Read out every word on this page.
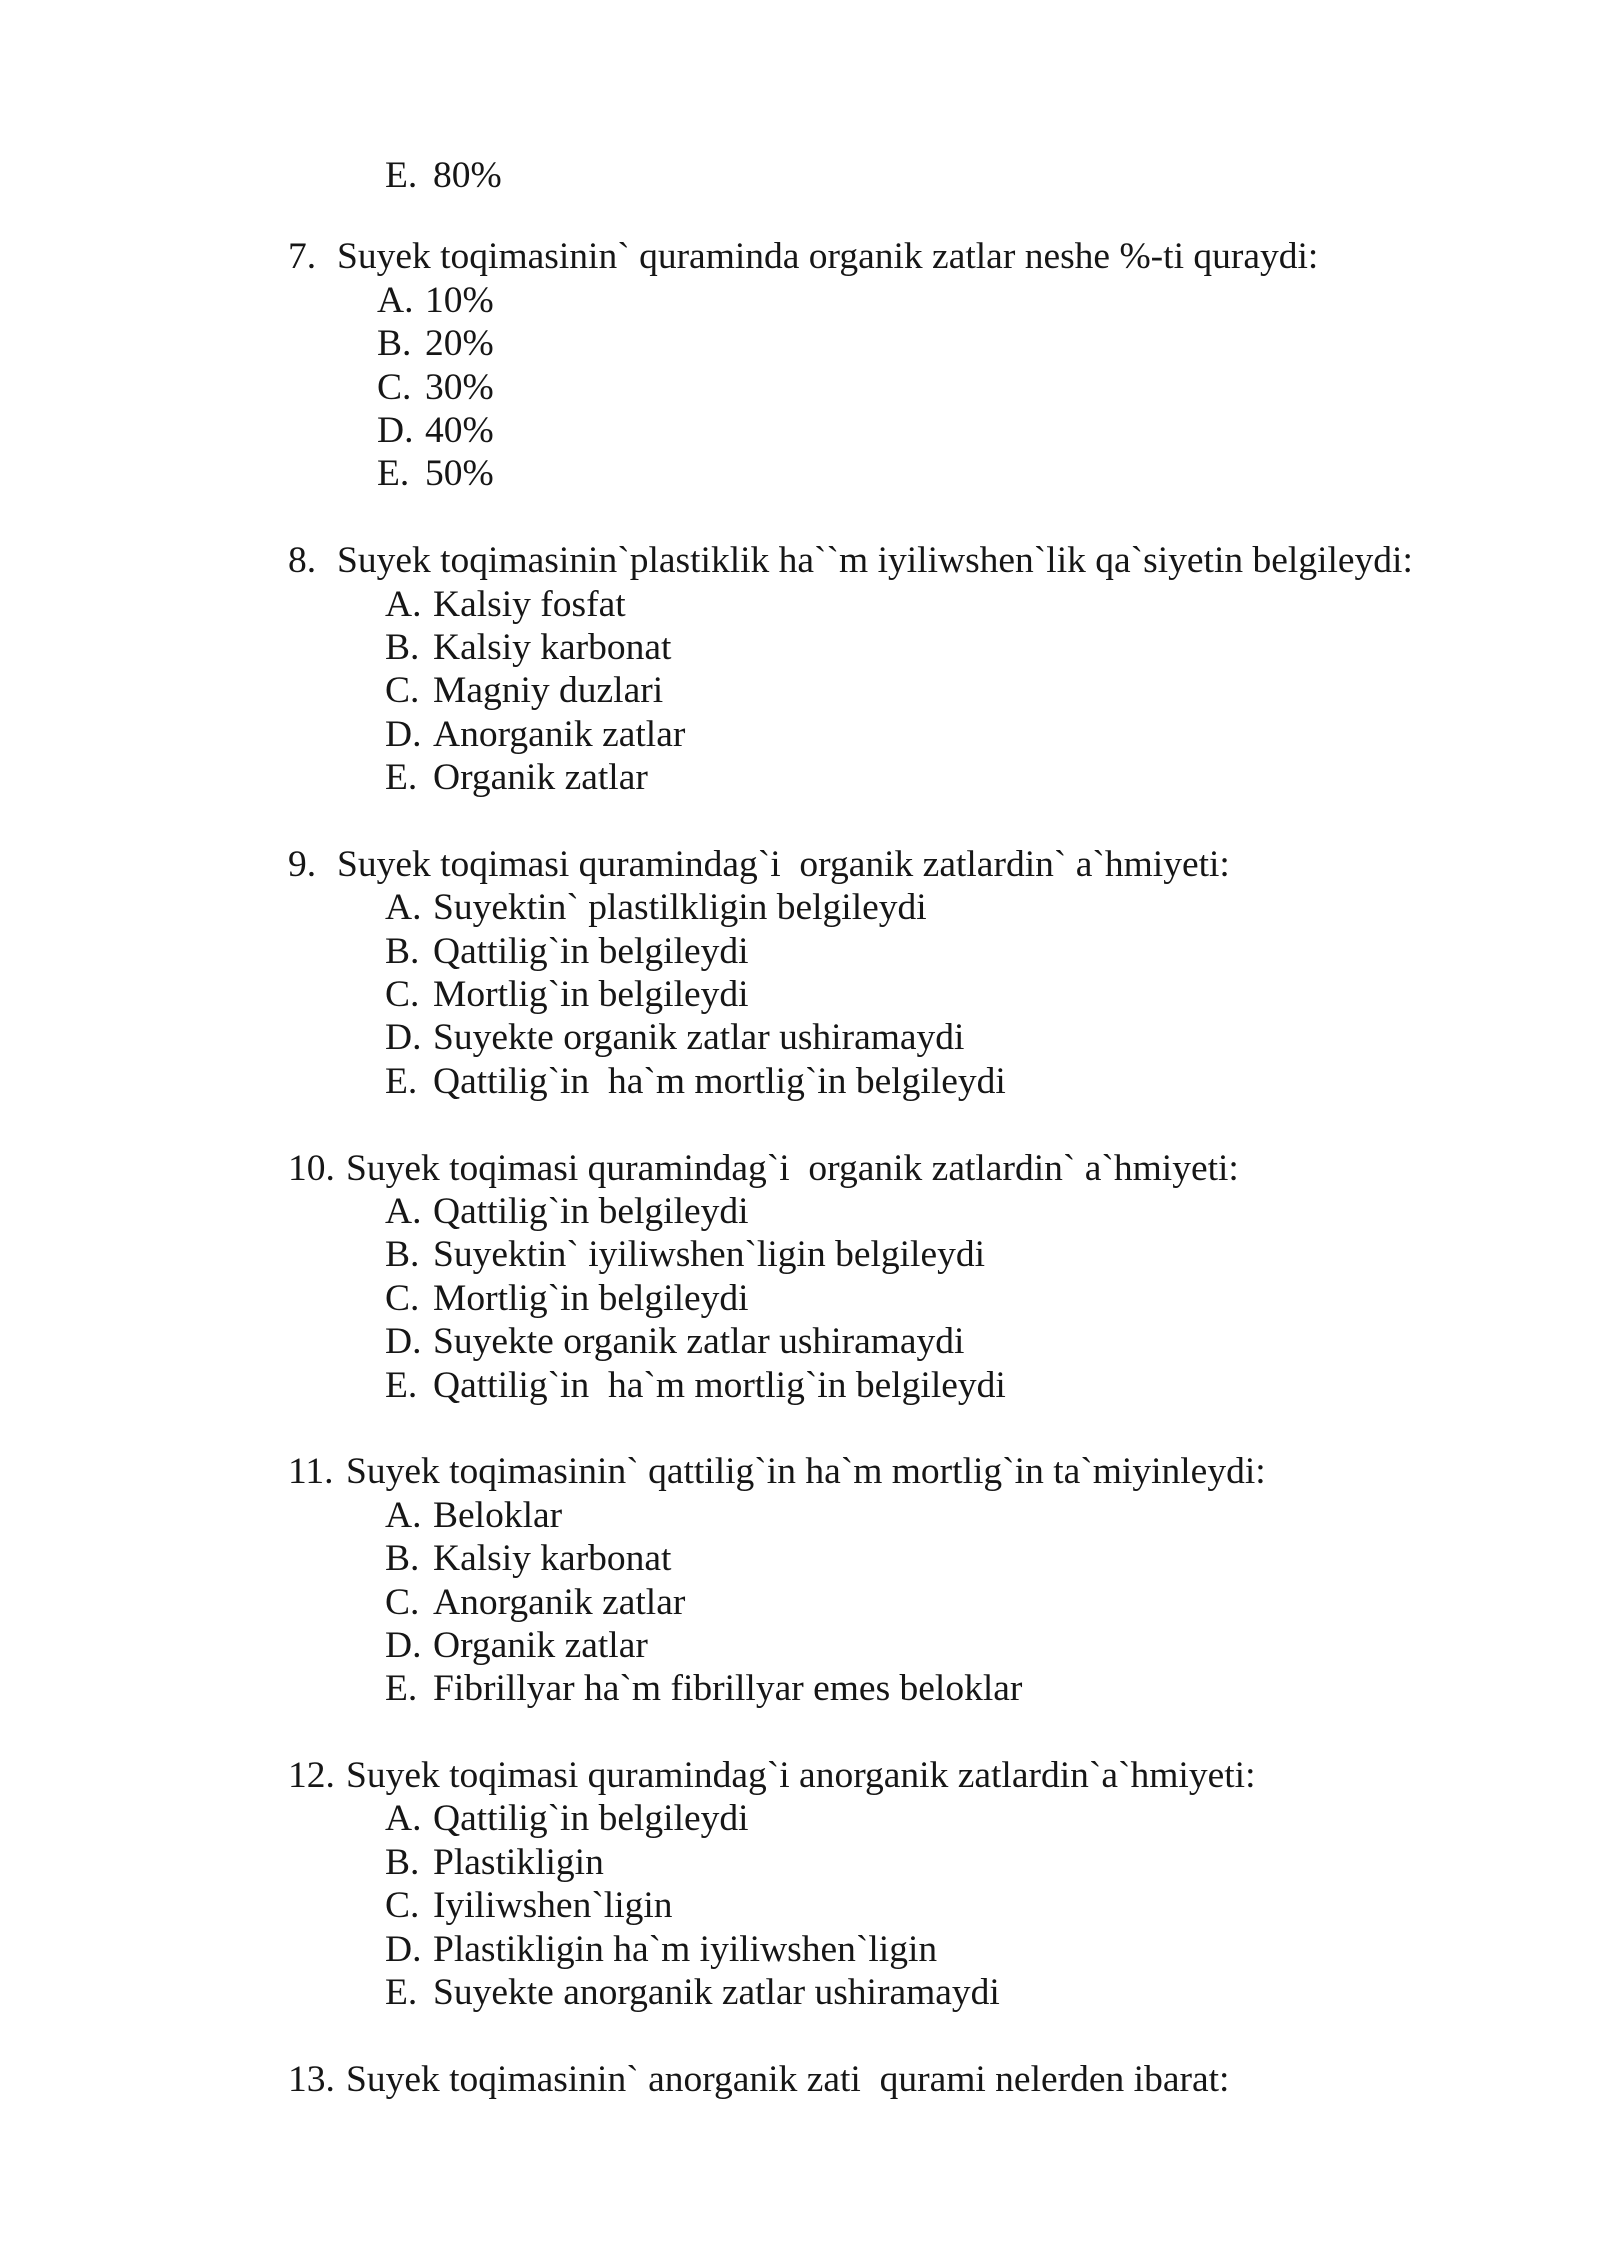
E. 80%
7. Suyek toqimasinin` quraminda organik zatlar neshe %-ti quraydi:
A. 10%
B. 20%
C. 30%
D. 40%
E. 50%
8. Suyek toqimasinin`plastiklik ha``m iyiliwshen`lik qa`siyetin belgileydi:
A. Kalsiy fosfat
B. Kalsiy karbonat
C. Magniy duzlari
D. Anorganik zatlar
E. Organik zatlar
9. Suyek toqimasi quramindag`i  organik zatlardin` a`hmiyeti:
A. Suyektin` plastilkligin belgileydi
B. Qattilig`in belgileydi
C. Mortlig`in belgileydi
D. Suyekte organik zatlar ushiramaydi
E. Qattilig`in  ha`m mortlig`in belgileydi
10. Suyek toqimasi quramindag`i  organik zatlardin` a`hmiyeti:
A. Qattilig`in belgileydi
B. Suyektin` iyiliwshen`ligin belgileydi
C. Mortlig`in belgileydi
D. Suyekte organik zatlar ushiramaydi
E. Qattilig`in  ha`m mortlig`in belgileydi
11. Suyek toqimasinin` qattilig`in ha`m mortlig`in ta`miyinleydi:
A. Beloklar
B. Kalsiy karbonat
C. Anorganik zatlar
D. Organik zatlar
E. Fibrillyar ha`m fibrillyar emes beloklar
12. Suyek toqimasi quramindag`i anorganik zatlardin`a`hmiyeti:
A. Qattilig`in belgileydi
B. Plastikligin
C. Iyiliwshen`ligin
D. Plastikligin ha`m iyiliwshen`ligin
E. Suyekte anorganik zatlar ushiramaydi
13. Suyek toqimasinin` anorganik zati  qurami nelerden ibarat:
